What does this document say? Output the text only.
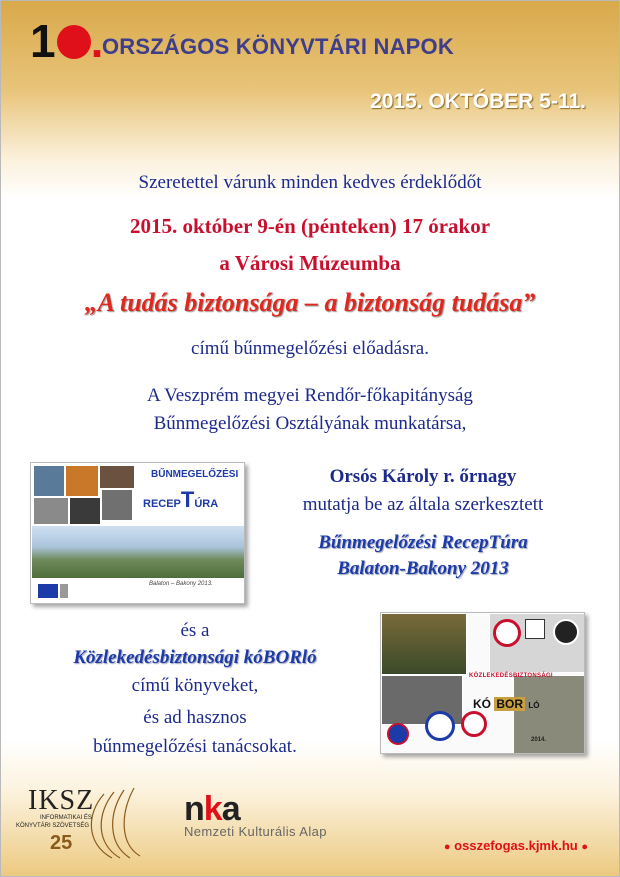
1 .
ORSZÁGOS KÖNYVTÁRI NAPOK
2015. OKTÓBER 5-11.
Szeretettel várunk minden kedves érdeklődőt
2015. október 9-én (pénteken) 17 órakor
a Városi Múzeumba
„A tudás biztonsága – a biztonság tudása”
című bűnmegelőzési előadásra.
A Veszprém megyei Rendőr-főkapitányság
Bűnmegelőzési Osztályának munkatársa,
BŰNMEGELŐZÉSI
RECEPTÚRA
Balaton – Bakony 2013.
Orsós Károly r. őrnagy
mutatja be az általa szerkesztett
Bűnmegelőzési RecepTúra
Balaton-Bakony 2013
és a
Közlekedésbiztonsági kóBORló
című könyveket,
és ad hasznos
bűnmegelőzési tanácsokat.
KÖZLEKEDÉSBIZTONSÁGI
KÓ BOR LÓ
2014.
IKSZ
INFORMATIKAI ÉS
KÖNYVTÁRI SZÖVETSÉG
25
nka
Nemzeti Kulturális Alap
● osszefogas.kjmk.hu ●
